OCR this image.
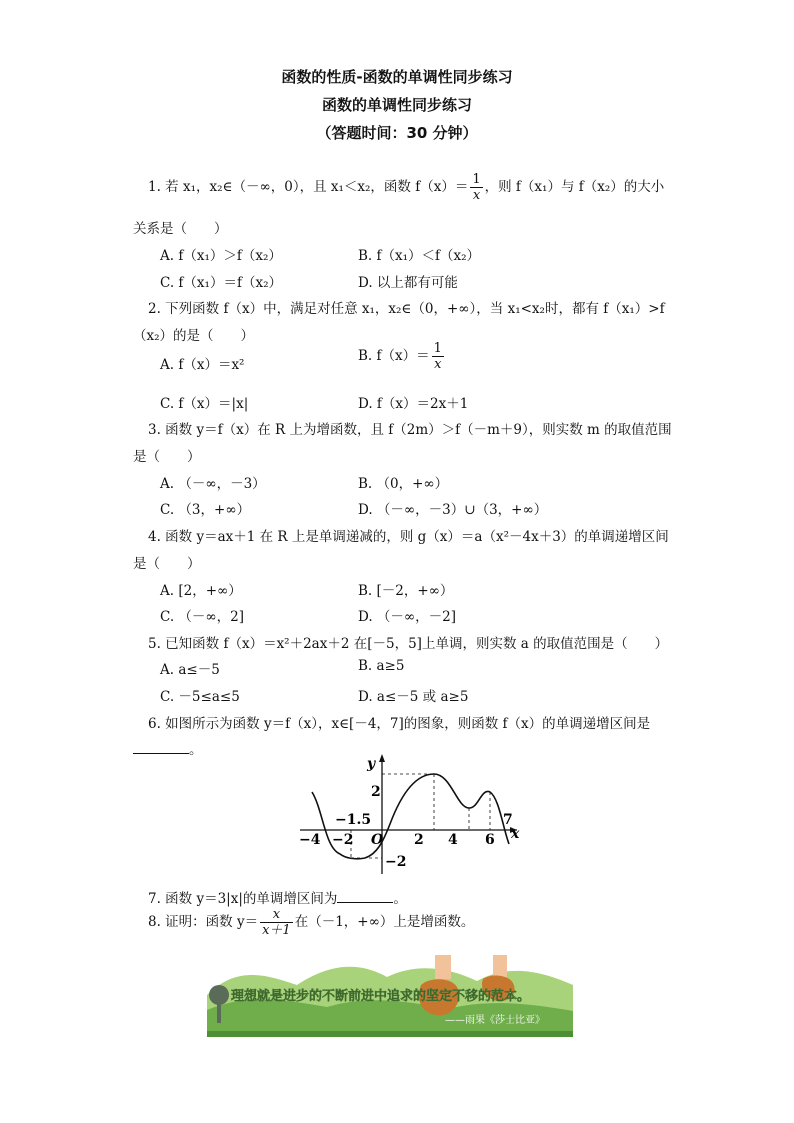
函数的性质-函数的单调性同步练习
函数的单调性同步练习
（答题时间：30 分钟）
1. 若 x₁，x₂∈（－∞，0），且 x₁＜x₂，函数 $f(x)= \frac{1}{x}$ ，则 f（x₁）与 f（x₂）的大小
关系是（　　）
A. f（x₁）＞f（x₂）	B. f（x₁）＜f（x₂）
C. f（x₁）＝f（x₂）	D. 以上都有可能
2. 下列函数 f（x）中，满足对任意 x₁，x₂∈（0，+∞），当 x₁<x₂时，都有 f（x₁）>f
（x₂）的是（　　）
A. f（x）＝x²
B. $f(x)= \frac{1}{x}$
C. f（x）＝|x|	D. f（x）＝2x＋1
3. 函数 y＝f（x）在 R 上为增函数，且 f（2m）＞f（－m＋9），则实数 m 的取值范围
是（　　）
A. （－∞，－3）	B. （0，+∞）
C. （3，+∞）	D. （－∞，－3）∪（3，+∞）
4. 函数 y＝ax＋1 在 R 上是单调递减的，则 g（x）＝a（x²－4x＋3）的单调递增区间
是（　　）
A. [2，+∞）	B. [－2，+∞）
C. （－∞，2]	D. （－∞，－2]
5. 已知函数 f（x）＝x²＋2ax＋2 在[－5，5]上单调，则实数 a 的取值范围是（　　）
A. a≤－5	B. a≥5
C. －5≤a≤5	D. a≤－5 或 a≥5
6. 如图所示为函数 y＝f（x），x∈[－4，7]的图象，则函数 f（x）的单调递增区间是
。
y
x
O
−4 −2	2 4 6
7
2
−2
−1.5
7. 函数 y＝3|x|的单调增区间为	。
8. 证明：函数 $y= \frac{x}{x+1}$ 在（－1，+∞）上是增函数。
理想就是进步的不断前进中追求的坚定不移的范本。
——雨果《莎士比亚》
